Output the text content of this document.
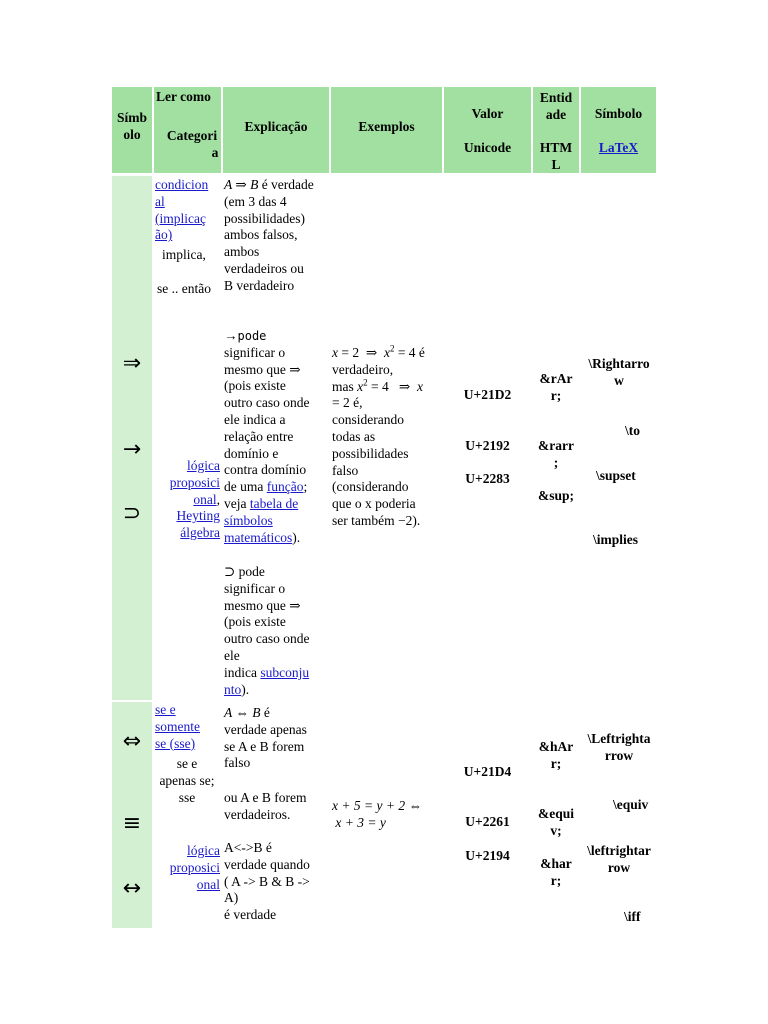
Símb
olo
Ler como
Categori
a
Explicação	Exemplos
Valor
Unicode
Entid
ade
HTM
L
Símbolo
LaTeX
⇒
→
⊃
condicion
al
(implicaç
ão)
implica,
se .. então
lógica
proposici
onal,
Heyting
álgebra
A ⇒ B é verdade
(em 3 das 4
possibilidades)
ambos falsos,
ambos
verdadeiros ou
B verdadeiro
→pode
significar o
mesmo que ⇒
(pois existe
outro caso onde
ele indica a
relação entre
domínio e
contra domínio
de uma função; veja tabela de
símbolos
matemáticos).
⊃ pode
significar o
mesmo que ⇒
(pois existe
outro caso onde
ele
indica subconju
nto).
x = 2  ⇒  $x^2 = 4$ é
verdadeiro,
mas $x^2 = 4$   ⇒  x
= 2 é,
considerando
todas as
possibilidades
falso
(considerando
que o x poderia
ser também −2).
U+21D2
U+2192
U+2283
&rAr
r;
&rarr
;
&sup;
\Rightarro
w
\to
\supset
\implies
⇔
≡
↔
se e
somente
se (sse)
se e
apenas se;
sse
lógica
proposici
onal
A ⇔ B é
verdade apenas
se A e B forem
falso
ou A e B forem
verdadeiros.
A<->B é
verdade quando
( A -> B & B ->
A)
é verdade
x + 5 = y + 2 ⇔
x + 3 = y
U+21D4
U+2261
U+2194
&hAr
r;
&equi
v;
&har
r;
\Leftrighta
rrow
\equiv
\leftrightar
row
\iff
